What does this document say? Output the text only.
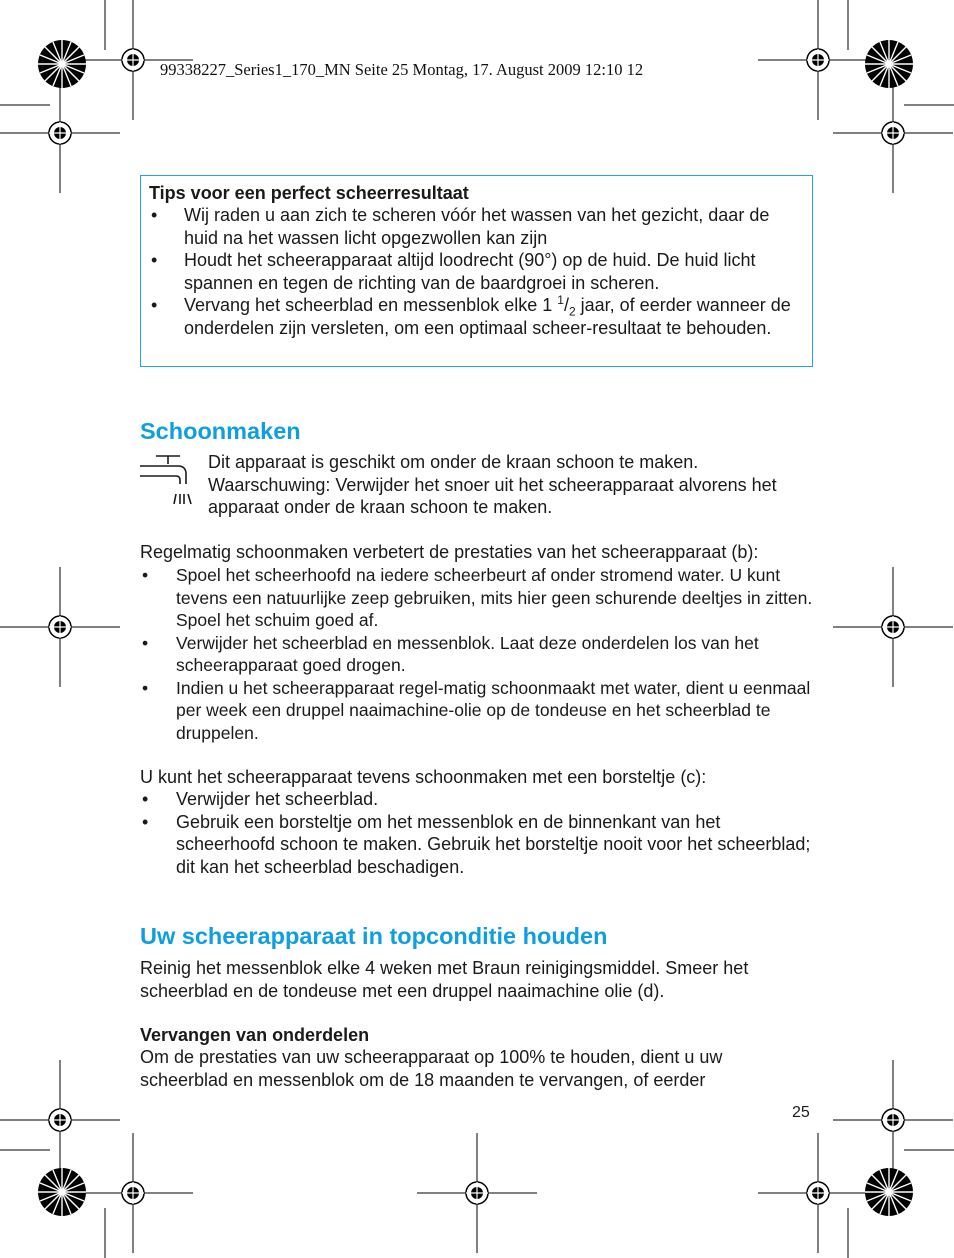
99338227_Series1_170_MN Seite 25 Montag, 17. August 2009 12:10 12

Tips voor een perfect scheerresultaat

• Wij raden u aan zich te scheren vóór het wassen van het gezicht, daar de huid na het wassen licht opgezwollen kan zijn
• Houdt het scheerapparaat altijd loodrecht (90°) op de huid. De huid licht spannen en tegen de richting van de baardgroei in scheren.
• Vervang het scheerblad en messenblok elke 1 $^1/_2$ jaar, of eerder wanneer de onderdelen zijn versleten, om een optimaal scheer-resultaat te behouden.
Schoonmaken
Dit apparaat is geschikt om onder de kraan schoon te maken. Waarschuwing: Verwijder het snoer uit het scheerapparaat alvorens het apparaat onder de kraan schoon te maken.

Regelmatig schoonmaken verbetert de prestaties van het scheerapparaat (b):

• Spoel het scheerhoofd na iedere scheerbeurt af onder stromend water. U kunt tevens een natuurlijke zeep gebruiken, mits hier geen schurende deeltjes in zitten. Spoel het schuim goed af.
• Verwijder het scheerblad en messenblok. Laat deze onderdelen los van het scheerapparaat goed drogen.
• Indien u het scheerapparaat regel-matig schoonmaakt met water, dient u eenmaal per week een druppel naaimachine-olie op de tondeuse en het scheerblad te druppelen.

U kunt het scheerapparaat tevens schoonmaken met een borsteltje (c):

• Verwijder het scheerblad.
• Gebruik een borsteltje om het messenblok en de binnenkant van het scheerhoofd schoon te maken. Gebruik het borsteltje nooit voor het scheerblad; dit kan het scheerblad beschadigen.
Uw scheerapparaat in topconditie houden

Reinig het messenblok elke 4 weken met Braun reinigingsmiddel. Smeer het scheerblad en de tondeuse met een druppel naaimachine olie (d).

Vervangen van onderdelen

Om de prestaties van uw scheerapparaat op 100% te houden, dient u uw scheerblad en messenblok om de 18 maanden te vervangen, of eerder

25
